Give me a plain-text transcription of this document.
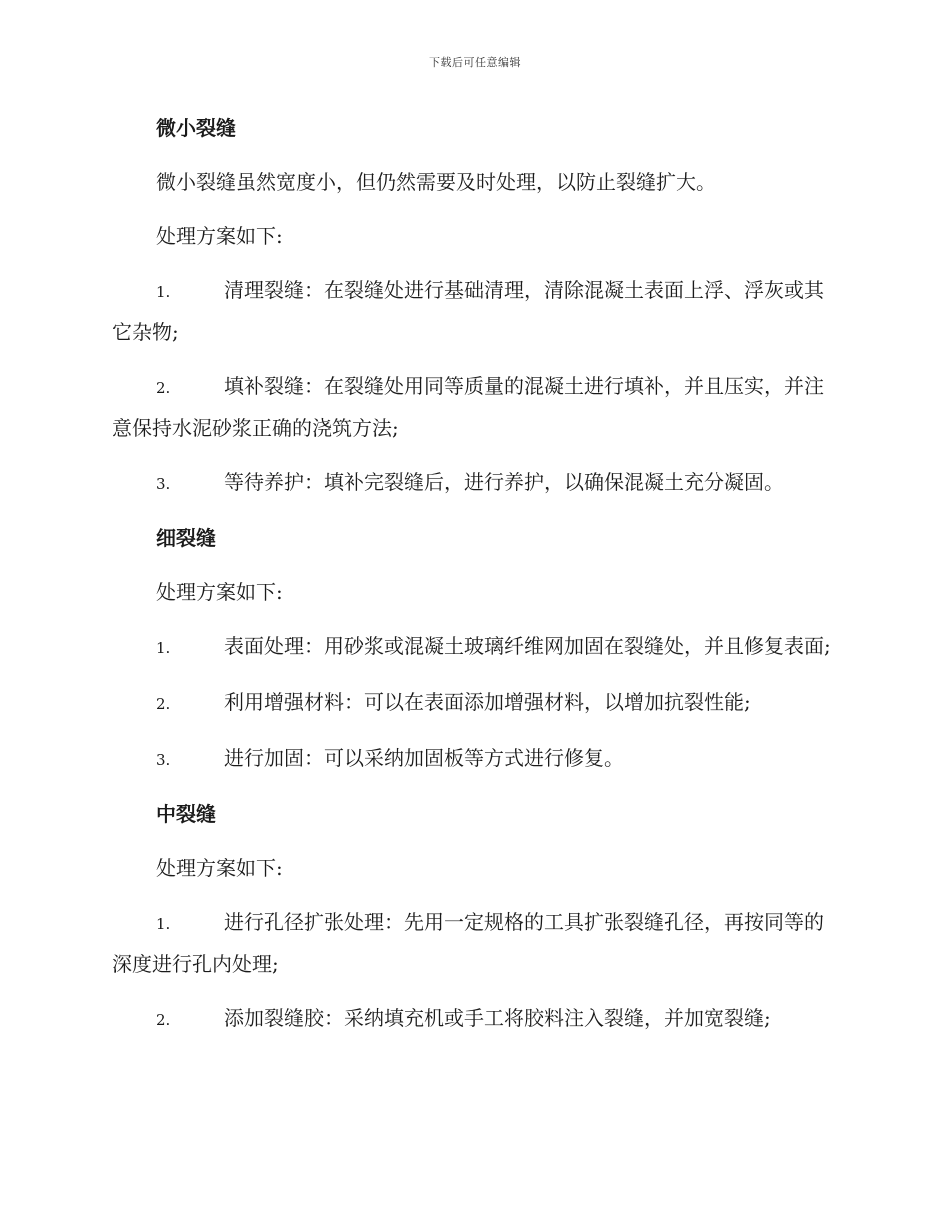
下载后可任意编辑
微小裂缝

微小裂缝虽然宽度小，但仍然需要及时处理，以防止裂缝扩大。

处理方案如下:

1.	清理裂缝：在裂缝处进行基础清理，清除混凝土表面上浮、浮灰或其它杂物;
2.	填补裂缝：在裂缝处用同等质量的混凝土进行填补，并且压实，并注意保持水泥砂浆正确的浇筑方法;
3.	等待养护：填补完裂缝后，进行养护，以确保混凝土充分凝固。
细裂缝

处理方案如下:

1.	表面处理：用砂浆或混凝土玻璃纤维网加固在裂缝处，并且修复表面;
2.	利用增强材料：可以在表面添加增强材料，以增加抗裂性能;
3.	进行加固：可以采纳加固板等方式进行修复。
中裂缝

处理方案如下:

1.	进行孔径扩张处理：先用一定规格的工具扩张裂缝孔径，再按同等的深度进行孔内处理;
2.	添加裂缝胶：采纳填充机或手工将胶料注入裂缝，并加宽裂缝;
